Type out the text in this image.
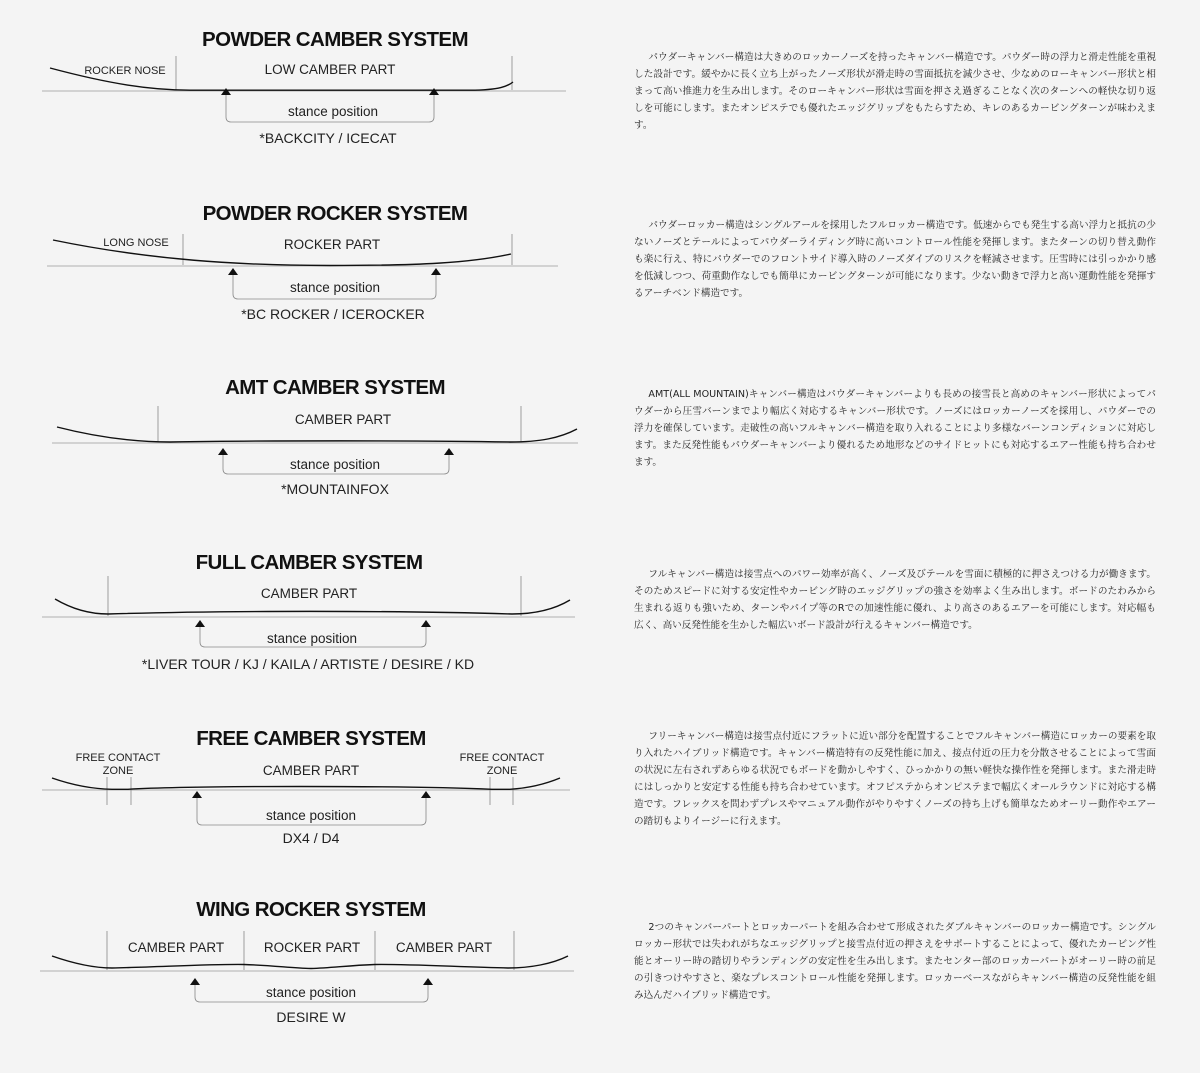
POWDER CAMBER SYSTEM
ROCKER NOSE	LOW CAMBER PART
stance position
*BACKCITY / ICECAT

パウダーキャンバー構造は大きめのロッカーノーズを持ったキャンバー構造です。パウダー時の浮力と滑走性能を重視した設計です。緩やかに長く立ち上がったノーズ形状が滑走時の雪面抵抗を減少させ、少なめのローキャンバー形状と相まって高い推進力を生み出します。そのローキャンバー形状は雪面を押さえ過ぎることなく次のターンへの軽快な切り返しを可能にします。またオンピステでも優れたエッジグリップをもたらすため、キレのあるカービングターンが味わえます。

POWDER ROCKER SYSTEM
LONG NOSE	ROCKER PART
stance position
*BC ROCKER / ICEROCKER

パウダーロッカー構造はシングルアールを採用したフルロッカー構造です。低速からでも発生する高い浮力と抵抗の少ないノーズとテールによってパウダーライディング時に高いコントロール性能を発揮します。またターンの切り替え動作も楽に行え、特にパウダーでのフロントサイド導入時のノーズダイブのリスクを軽減させます。圧雪時には引っかかり感を低減しつつ、荷重動作なしでも簡単にカービングターンが可能になります。少ない動きで浮力と高い運動性能を発揮するアーチベンド構造です。

AMT CAMBER SYSTEM
CAMBER PART
stance position
*MOUNTAINFOX

AMT(ALL MOUNTAIN)キャンバー構造はパウダーキャンバーよりも長めの接雪長と高めのキャンバー形状によってパウダーから圧雪バーンまでより幅広く対応するキャンバー形状です。ノーズにはロッカーノーズを採用し、パウダーでの浮力を確保しています。走破性の高いフルキャンバー構造を取り入れることにより多様なバーンコンディションに対応します。また反発性能もパウダーキャンバーより優れるため地形などのサイドヒットにも対応するエアー性能も持ち合わせます。

FULL CAMBER SYSTEM
CAMBER PART
stance position
*LIVER TOUR / KJ / KAILA / ARTISTE / DESIRE / KD

フルキャンバー構造は接雪点へのパワー効率が高く、ノーズ及びテールを雪面に積極的に押さえつける力が働きます。そのためスピードに対する安定性やカービング時のエッジグリップの強さを効率よく生み出します。ボードのたわみから生まれる返りも強いため、ターンやパイプ等のRでの加速性能に優れ、より高さのあるエアーを可能にします。対応幅も広く、高い反発性能を生かした幅広いボード設計が行えるキャンバー構造です。

FREE CAMBER SYSTEM
FREE CONTACT
ZONE	CAMBER PART
FREE CONTACT
ZONE
stance position
DX4 / D4

フリーキャンバー構造は接雪点付近にフラットに近い部分を配置することでフルキャンバー構造にロッカーの要素を取り入れたハイブリッド構造です。キャンバー構造特有の反発性能に加え、接点付近の圧力を分散させることによって雪面の状況に左右されずあらゆる状況でもボードを動かしやすく、ひっかかりの無い軽快な操作性を発揮します。また滑走時にはしっかりと安定する性能も持ち合わせています。オフピステからオンピステまで幅広くオールラウンドに対応する構造です。フレックスを問わずプレスやマニュアル動作がやりやすくノーズの持ち上げも簡単なためオーリー動作やエアーの踏切もよりイージーに行えます。

WING ROCKER SYSTEM
CAMBER PART	ROCKER PART	CAMBER PART
stance position
DESIRE W

2つのキャンバーパートとロッカーパートを組み合わせて形成されたダブルキャンバーのロッカー構造です。シングルロッカー形状では失われがちなエッジグリップと接雪点付近の押さえをサポートすることによって、優れたカービング性能とオーリー時の踏切りやランディングの安定性を生み出します。またセンター部のロッカーパートがオーリー時の前足の引きつけやすさと、楽なプレスコントロール性能を発揮します。ロッカーベースながらキャンバー構造の反発性能を組み込んだハイブリッド構造です。
